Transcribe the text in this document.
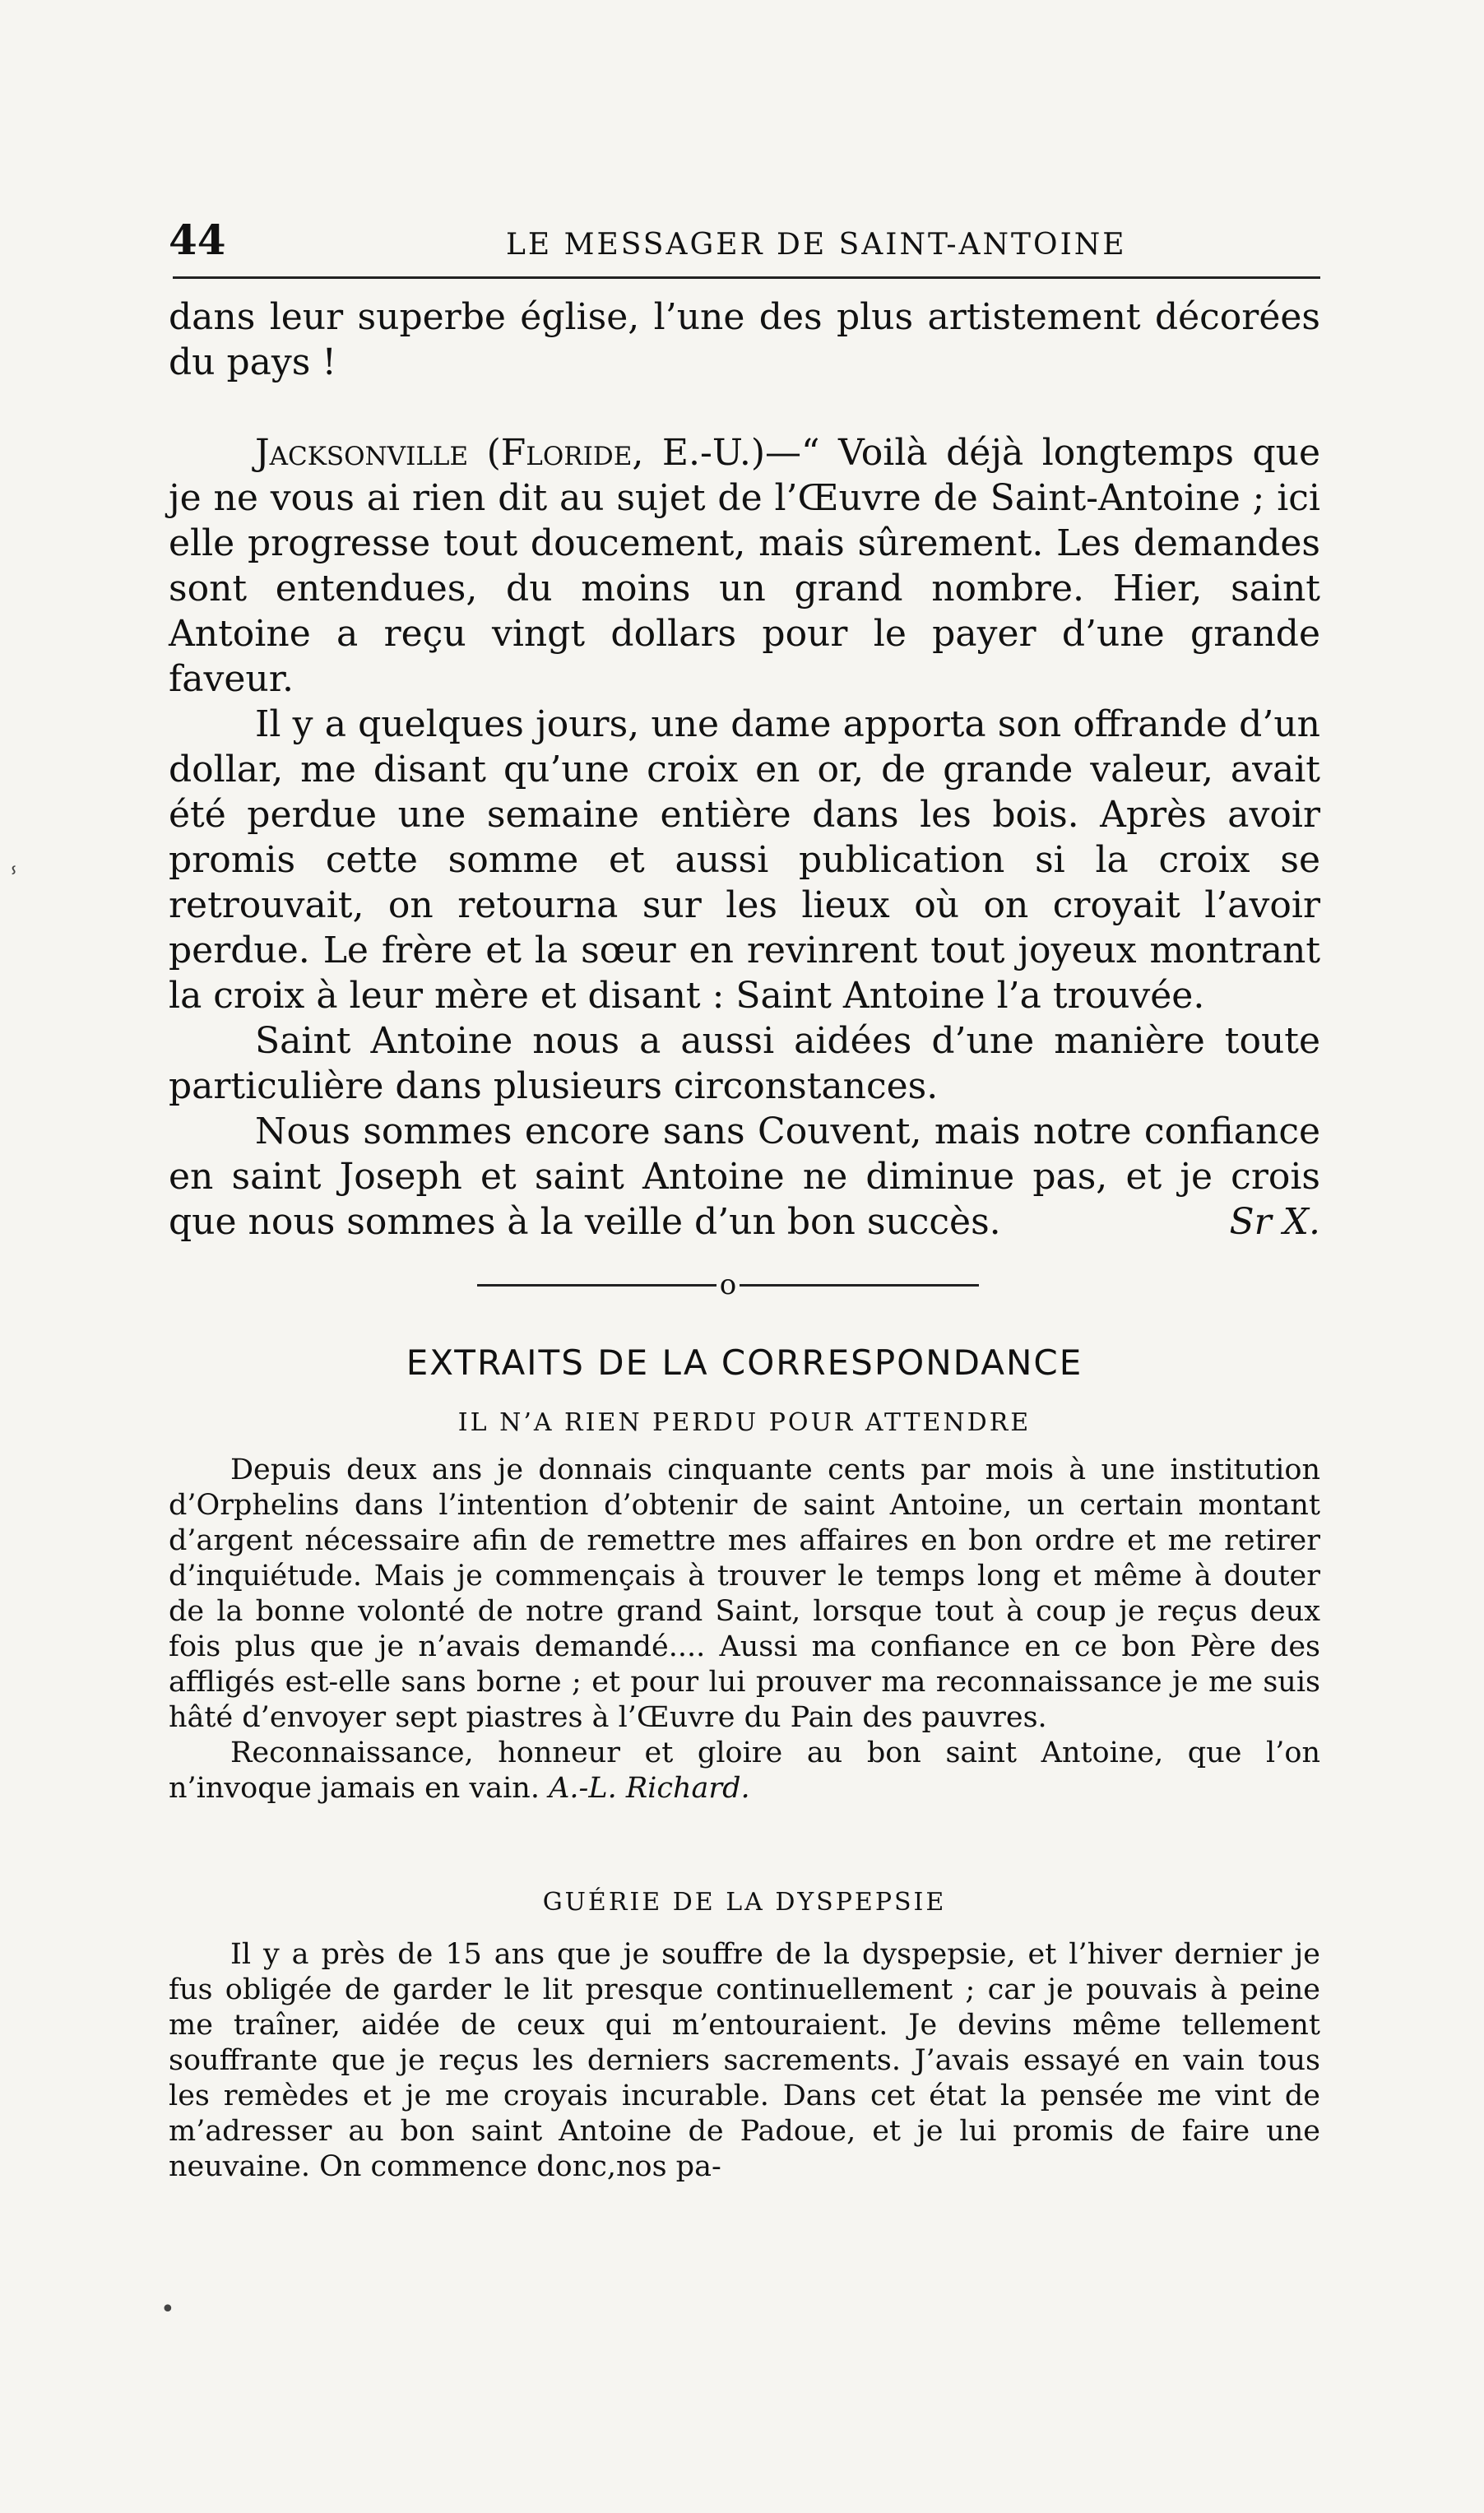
44	LE MESSAGER DE SAINT-ANTOINE

dans leur superbe église, l’une des plus artistement décorées du pays !

Jacksonville (Floride, E.-U.)—“ Voilà déjà longtemps que je ne vous ai rien dit au sujet de l’Œuvre de Saint-Antoine ; ici elle progresse tout doucement, mais sûrement. Les demandes sont entendues, du moins un grand nombre. Hier, saint Antoine a reçu vingt dollars pour le payer d’une grande faveur.

Il y a quelques jours, une dame apporta son offrande d’un dollar, me disant qu’une croix en or, de grande valeur, avait été perdue une semaine entière dans les bois. Après avoir promis cette somme et aussi publication si la croix se retrouvait, on retourna sur les lieux où on croyait l’avoir perdue. Le frère et la sœur en revinrent tout joyeux montrant la croix à leur mère et disant : Saint Antoine l’a trouvée.

Saint Antoine nous a aussi aidées d’une manière toute particulière dans plusieurs circonstances.

Nous sommes encore sans Couvent, mais notre confiance en saint Joseph et saint Antoine ne diminue pas, et je crois que nous sommes à la veille d’un bon succès.	Sr X.

o
EXTRAITS DE LA CORRESPONDANCE
IL N’A RIEN PERDU POUR ATTENDRE

Depuis deux ans je donnais cinquante cents par mois à une institution d’Orphelins dans l’intention d’obtenir de saint Antoine, un certain montant d’argent nécessaire afin de remettre mes affaires en bon ordre et me retirer d’inquiétude. Mais je commençais à trouver le temps long et même à douter de la bonne volonté de notre grand Saint, lorsque tout à coup je reçus deux fois plus que je n’avais demandé.... Aussi ma confiance en ce bon Père des affligés est-elle sans borne ; et pour lui prouver ma reconnaissance je me suis hâté d’envoyer sept piastres à l’Œuvre du Pain des pauvres.

Reconnaissance, honneur et gloire au bon saint Antoine, que l’on n’invoque jamais en vain. A.-L. Richard.

GUÉRIE DE LA DYSPEPSIE

Il y a près de 15 ans que je souffre de la dyspepsie, et l’hiver dernier je fus obligée de garder le lit presque continuellement ; car je pouvais à peine me traîner, aidée de ceux qui m’entouraient. Je devins même tellement souffrante que je reçus les derniers sacrements. J’avais essayé en vain tous les remèdes et je me croyais incurable. Dans cet état la pensée me vint de m’adresser au bon saint Antoine de Padoue, et je lui promis de faire une neuvaine. On commence donc,nos pa-

ⸯ
•
